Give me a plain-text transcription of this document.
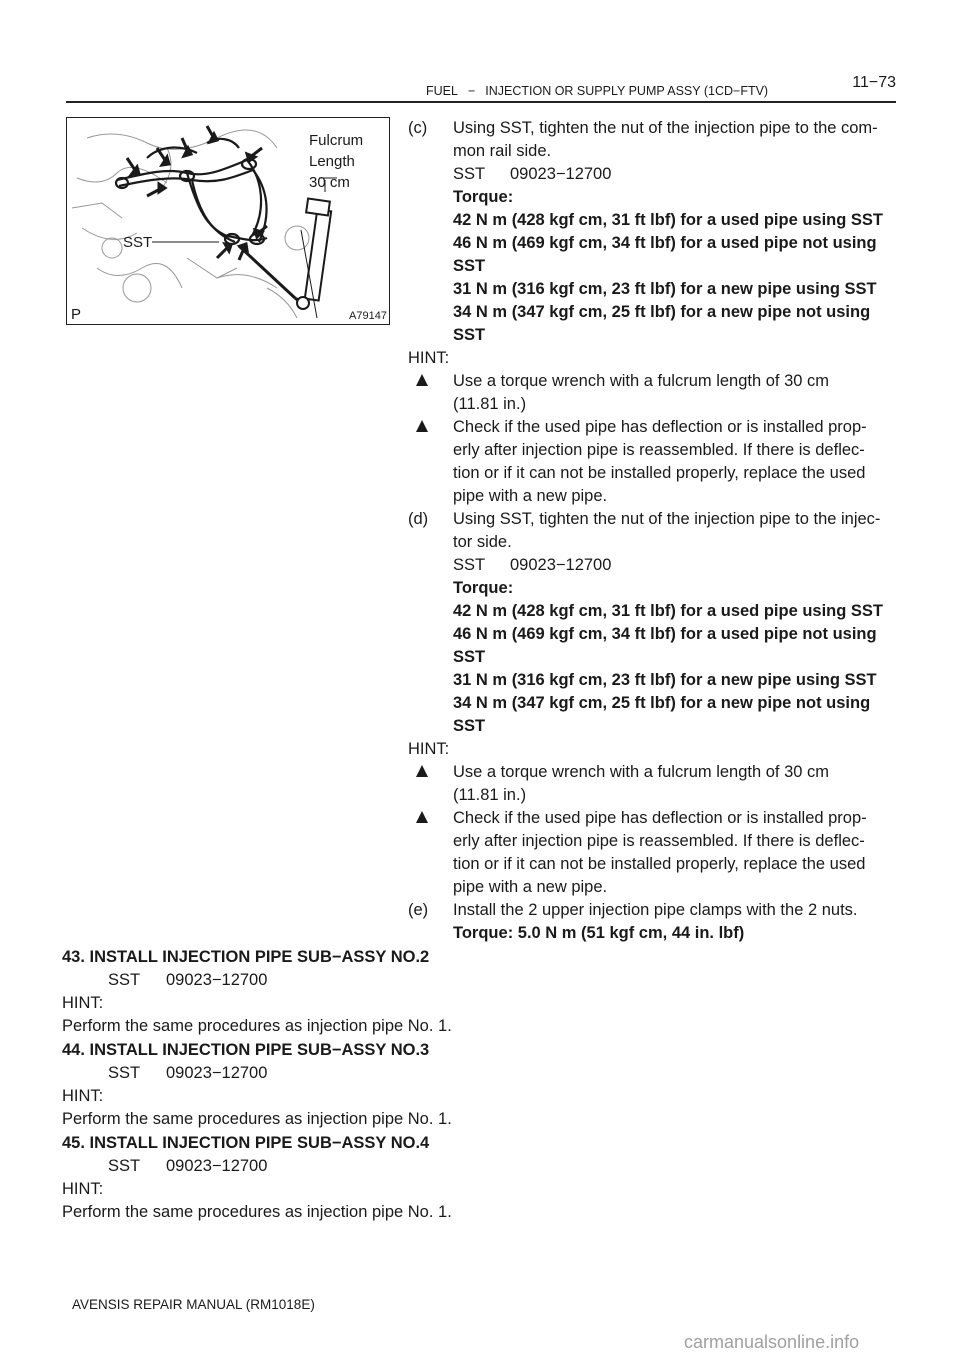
FUEL − INJECTION OR SUPPLY PUMP ASSY (1CD−FTV)	11−73
Fulcrum
Length
30 cm
SST
P	A79147
(c) Using SST, tighten the nut of the injection pipe to the com-
mon rail side.
SST 09023−12700
Torque:
42 N m (428 kgf cm, 31 ft lbf) for a used pipe using SST
46 N m (469 kgf cm, 34 ft lbf) for a used pipe not using
SST
31 N m (316 kgf cm, 23 ft lbf) for a new pipe using SST
34 N m (347 kgf cm, 25 ft lbf) for a new pipe not using
SST
HINT:
Use a torque wrench with a fulcrum length of 30 cm
(11.81 in.)
Check if the used pipe has deflection or is installed prop-
erly after injection pipe is reassembled. If there is deflec-
tion or if it can not be installed properly, replace the used
pipe with a new pipe.
(d) Using SST, tighten the nut of the injection pipe to the injec-
tor side.
SST 09023−12700
Torque:
42 N m (428 kgf cm, 31 ft lbf) for a used pipe using SST
46 N m (469 kgf cm, 34 ft lbf) for a used pipe not using
SST
31 N m (316 kgf cm, 23 ft lbf) for a new pipe using SST
34 N m (347 kgf cm, 25 ft lbf) for a new pipe not using
SST
HINT:
Use a torque wrench with a fulcrum length of 30 cm
(11.81 in.)
Check if the used pipe has deflection or is installed prop-
erly after injection pipe is reassembled. If there is deflec-
tion or if it can not be installed properly, replace the used
pipe with a new pipe.
(e) Install the 2 upper injection pipe clamps with the 2 nuts.
Torque: 5.0 N m (51 kgf cm, 44 in. lbf)
43. INSTALL INJECTION PIPE SUB−ASSY NO.2
SST 09023−12700
HINT:
Perform the same procedures as injection pipe No. 1.
44. INSTALL INJECTION PIPE SUB−ASSY NO.3
SST 09023−12700
HINT:
Perform the same procedures as injection pipe No. 1.
45. INSTALL INJECTION PIPE SUB−ASSY NO.4
SST 09023−12700
HINT:
Perform the same procedures as injection pipe No. 1.
AVENSIS REPAIR MANUAL (RM1018E)
carmanualsonline.info
